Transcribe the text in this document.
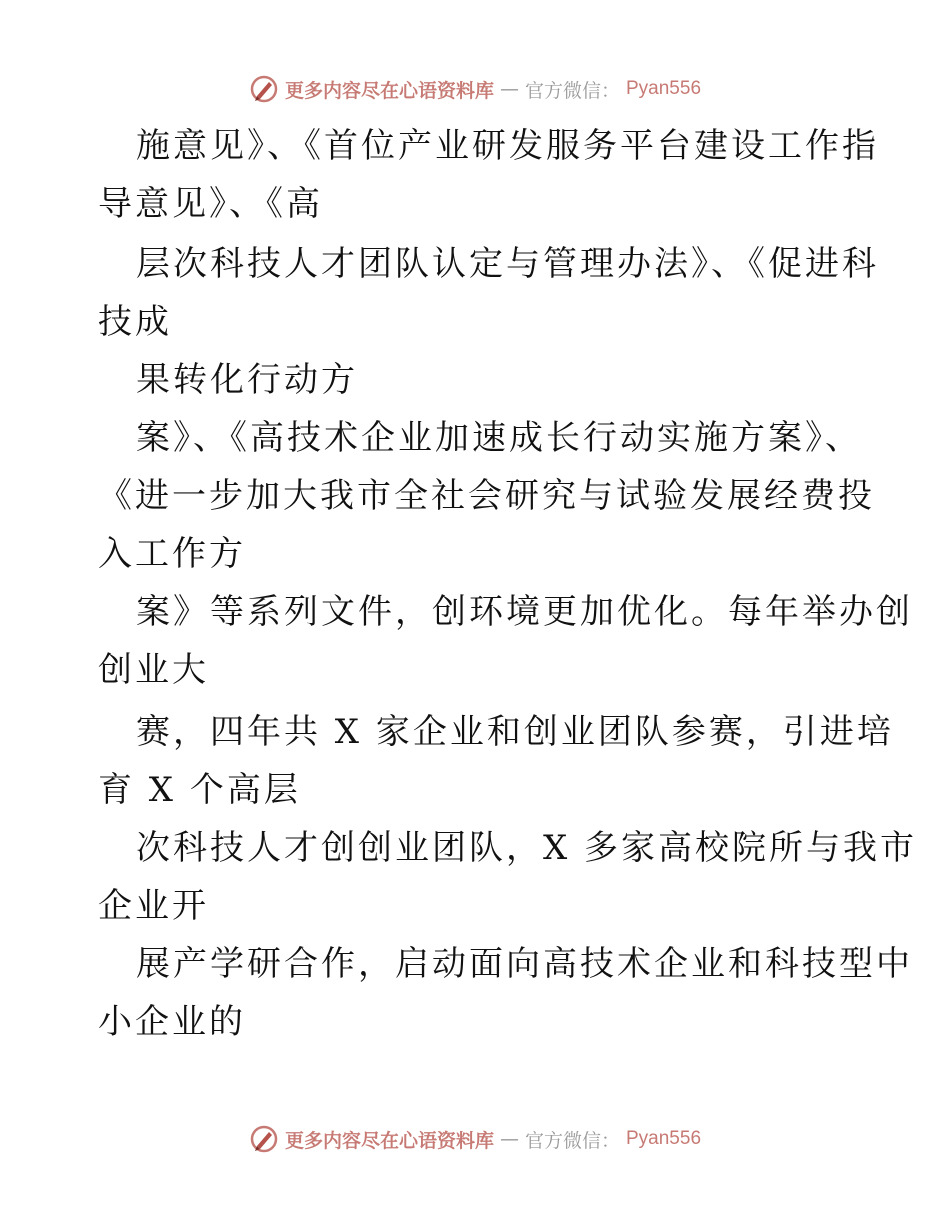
更多内容尽在心语资料库 — 官方微信： Pyan556
施意见》、《首位产业研发服务平台建设工作指
导意见》、《高
层次科技人才团队认定与管理办法》、《促进科
技成
果转化行动方
案》、《高技术企业加速成长行动实施方案》、
《进一步加大我市全社会研究与试验发展经费投
入工作方
案》等系列文件，创环境更加优化。每年举办创
创业大
赛，四年共 X 家企业和创业团队参赛，引进培
育 X 个高层
次科技人才创创业团队，X 多家高校院所与我市
企业开
展产学研合作，启动面向高技术企业和科技型中
小企业的
更多内容尽在心语资料库 — 官方微信： Pyan556
